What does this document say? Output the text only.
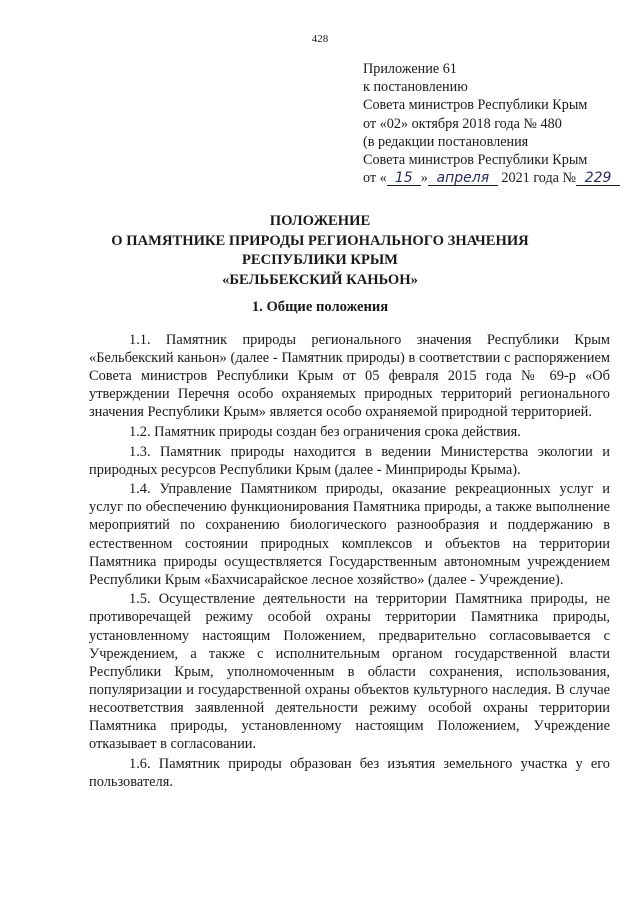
428
Приложение 61
к постановлению
Совета министров Республики Крым
от «02» октября 2018 года № 480
(в редакции постановления
Совета министров Республики Крым
от « 15 » апреля 2021 года № 229
ПОЛОЖЕНИЕ
О ПАМЯТНИКЕ ПРИРОДЫ РЕГИОНАЛЬНОГО ЗНАЧЕНИЯ
РЕСПУБЛИКИ КРЫМ
«БЕЛЬБЕКСКИЙ КАНЬОН»
1. Общие положения

1.1. Памятник природы регионального значения Республики Крым «Бельбекский каньон» (далее - Памятник природы) в соответствии с распоряжением Совета министров Республики Крым от 05 февраля 2015 года № 69-р «Об утверждении Перечня особо охраняемых природных территорий регионального значения Республики Крым» является особо охраняемой природной территорией.

1.2. Памятник природы создан без ограничения срока действия.

1.3. Памятник природы находится в ведении Министерства экологии и природных ресурсов Республики Крым (далее - Минприроды Крыма).

1.4. Управление Памятником природы, оказание рекреационных услуг и услуг по обеспечению функционирования Памятника природы, а также выполнение мероприятий по сохранению биологического разнообразия и поддержанию в естественном состоянии природных комплексов и объектов на территории Памятника природы осуществляется Государственным автономным учреждением Республики Крым «Бахчисарайское лесное хозяйство» (далее - Учреждение).

1.5. Осуществление деятельности на территории Памятника природы, не противоречащей режиму особой охраны территории Памятника природы, установленному настоящим Положением, предварительно согласовывается с Учреждением, а также с исполнительным органом государственной власти Республики Крым, уполномоченным в области сохранения, использования, популяризации и государственной охраны объектов культурного наследия. В случае несоответствия заявленной деятельности режиму особой охраны территории Памятника природы, установленному настоящим Положением, Учреждение отказывает в согласовании.

1.6. Памятник природы образован без изъятия земельного участка у его пользователя.
